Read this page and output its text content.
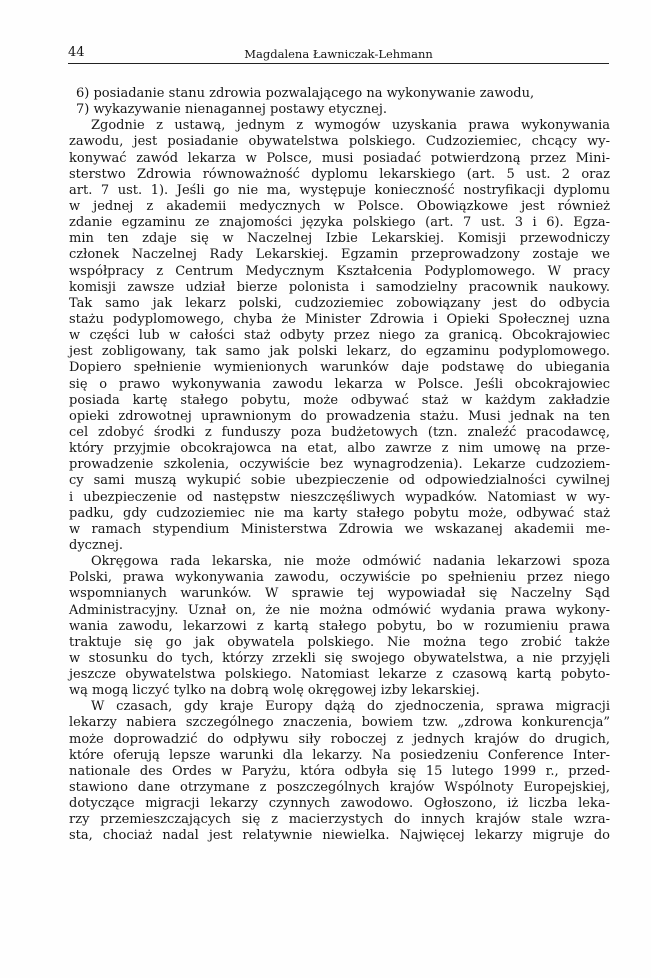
44	Magdalena Ławniczak-Lehmann
6) posiadanie stanu zdrowia pozwalającego na wykonywanie zawodu,
7) wykazywanie nienagannej postawy etycznej.
Zgodnie z ustawą, jednym z wymogów uzyskania prawa wykonywania
zawodu, jest posiadanie obywatelstwa polskiego. Cudzoziemiec, chcący wy-
konywać zawód lekarza w Polsce, musi posiadać potwierdzoną przez Mini-
sterstwo Zdrowia równoważność dyplomu lekarskiego (art. 5 ust. 2 oraz
art. 7 ust. 1). Jeśli go nie ma, występuje konieczność nostryfikacji dyplomu
w jednej z akademii medycznych w Polsce. Obowiązkowe jest również
zdanie egzaminu ze znajomości języka polskiego (art. 7 ust. 3 i 6). Egza-
min ten zdaje się w Naczelnej Izbie Lekarskiej. Komisji przewodniczy
członek Naczelnej Rady Lekarskiej. Egzamin przeprowadzony zostaje we
współpracy z Centrum Medycznym Kształcenia Podyplomowego. W pracy
komisji zawsze udział bierze polonista i samodzielny pracownik naukowy.
Tak samo jak lekarz polski, cudzoziemiec zobowiązany jest do odbycia
stażu podyplomowego, chyba że Minister Zdrowia i Opieki Społecznej uzna
w części lub w całości staż odbyty przez niego za granicą. Obcokrajowiec
jest zobligowany, tak samo jak polski lekarz, do egzaminu podyplomowego.
Dopiero spełnienie wymienionych warunków daje podstawę do ubiegania
się o prawo wykonywania zawodu lekarza w Polsce. Jeśli obcokrajowiec
posiada kartę stałego pobytu, może odbywać staż w każdym zakładzie
opieki zdrowotnej uprawnionym do prowadzenia stażu. Musi jednak na ten
cel zdobyć środki z funduszy poza budżetowych (tzn. znaleźć pracodawcę,
który przyjmie obcokrajowca na etat, albo zawrze z nim umowę na prze-
prowadzenie szkolenia, oczywiście bez wynagrodzenia). Lekarze cudzoziem-
cy sami muszą wykupić sobie ubezpieczenie od odpowiedzialności cywilnej
i ubezpieczenie od następstw nieszczęśliwych wypadków. Natomiast w wy-
padku, gdy cudzoziemiec nie ma karty stałego pobytu może, odbywać staż
w ramach stypendium Ministerstwa Zdrowia we wskazanej akademii me-
dycznej.
Okręgowa rada lekarska, nie może odmówić nadania lekarzowi spoza
Polski, prawa wykonywania zawodu, oczywiście po spełnieniu przez niego
wspomnianych warunków. W sprawie tej wypowiadał się Naczelny Sąd
Administracyjny. Uznał on, że nie można odmówić wydania prawa wykony-
wania zawodu, lekarzowi z kartą stałego pobytu, bo w rozumieniu prawa
traktuje się go jak obywatela polskiego. Nie można tego zrobić także
w stosunku do tych, którzy zrzekli się swojego obywatelstwa, a nie przyjęli
jeszcze obywatelstwa polskiego. Natomiast lekarze z czasową kartą pobyto-
wą mogą liczyć tylko na dobrą wolę okręgowej izby lekarskiej.
W czasach, gdy kraje Europy dążą do zjednoczenia, sprawa migracji
lekarzy nabiera szczególnego znaczenia, bowiem tzw. „zdrowa konkurencja”
może doprowadzić do odpływu siły roboczej z jednych krajów do drugich,
które oferują lepsze warunki dla lekarzy. Na posiedzeniu Conference Inter-
nationale des Ordes w Paryżu, która odbyła się 15 lutego 1999 r., przed-
stawiono dane otrzymane z poszczególnych krajów Wspólnoty Europejskiej,
dotyczące migracji lekarzy czynnych zawodowo. Ogłoszono, iż liczba leka-
rzy przemieszczających się z macierzystych do innych krajów stale wzra-
sta, chociaż nadal jest relatywnie niewielka. Najwięcej lekarzy migruje do
